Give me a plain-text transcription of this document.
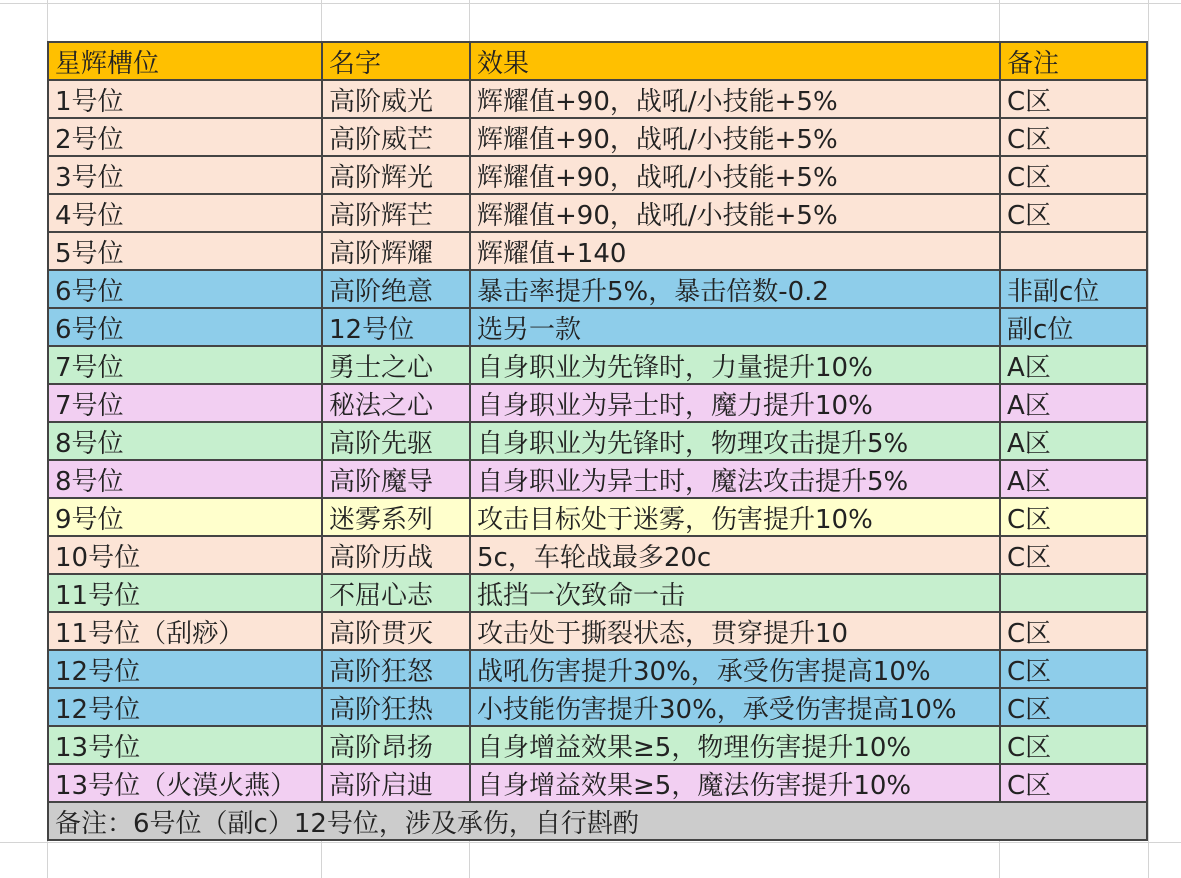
星辉槽位	名字	效果	备注
1号位	高阶威光	辉耀值+90，战吼/小技能+5%	C区
2号位	高阶威芒	辉耀值+90，战吼/小技能+5%	C区
3号位	高阶辉光	辉耀值+90，战吼/小技能+5%	C区
4号位	高阶辉芒	辉耀值+90，战吼/小技能+5%	C区
5号位	高阶辉耀	辉耀值+140
6号位	高阶绝意	暴击率提升5%，暴击倍数-0.2	非副c位
6号位	12号位	选另一款	副c位
7号位	勇士之心	自身职业为先锋时，力量提升10%	A区
7号位	秘法之心	自身职业为异士时，魔力提升10%	A区
8号位	高阶先驱	自身职业为先锋时，物理攻击提升5%	A区
8号位	高阶魔导	自身职业为异士时，魔法攻击提升5%	A区
9号位	迷雾系列	攻击目标处于迷雾，伤害提升10%	C区
10号位	高阶历战	5c，车轮战最多20c	C区
11号位	不屈心志	抵挡一次致命一击
11号位（刮痧）	高阶贯灭	攻击处于撕裂状态，贯穿提升10	C区
12号位	高阶狂怒	战吼伤害提升30%，承受伤害提高10%	C区
12号位	高阶狂热	小技能伤害提升30%，承受伤害提高10%	C区
13号位	高阶昂扬	自身增益效果≥5，物理伤害提升10%	C区
13号位（火漠火燕）	高阶启迪	自身增益效果≥5，魔法伤害提升10%	C区
备注：6号位（副c）12号位，涉及承伤，自行斟酌
